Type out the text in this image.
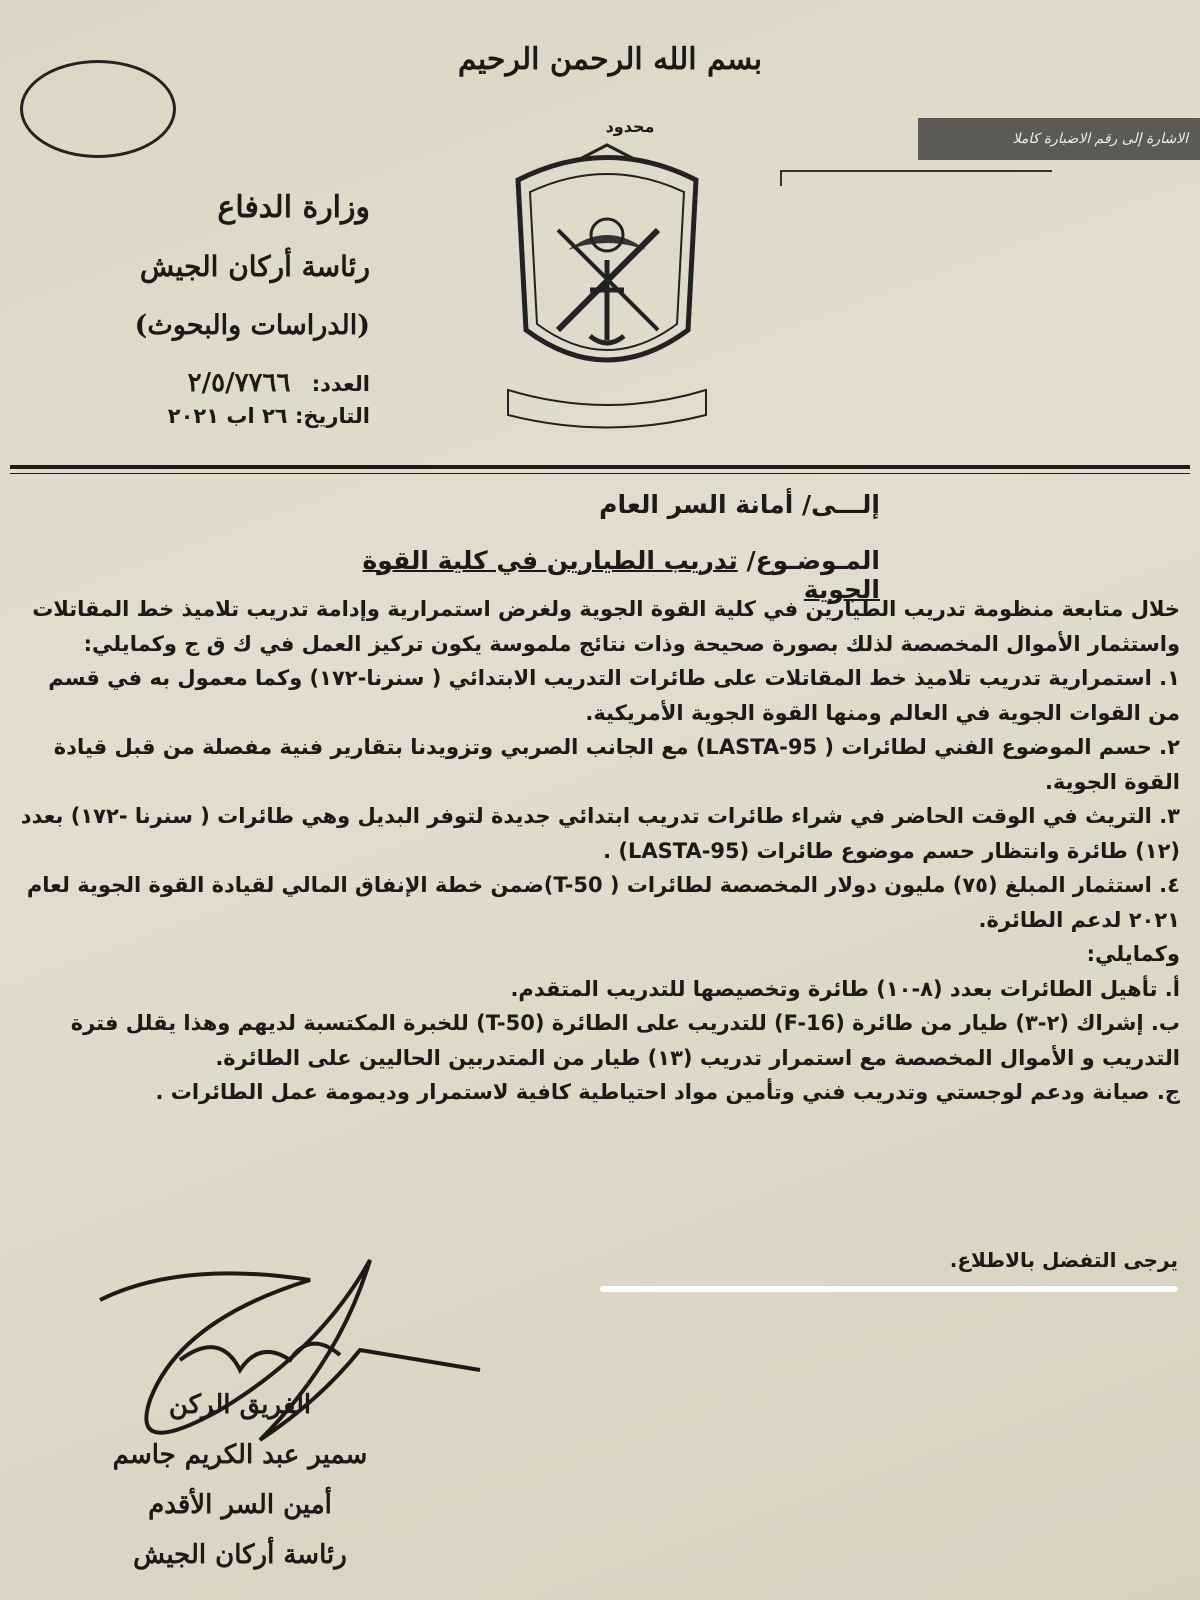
بسم الله الرحمن الرحيم
محدود
الاشارة إلى رقم الاضبارة كاملا
وزارة الدفاع
رئاسة أركان الجيش
(الدراسات والبحوث)
العدد: ٢/٥/٧٧٦٦
التاريخ: ٢٦ اب ٢٠٢١
إلـــى/ أمانة السر العام
المـوضـوع/ تدريب الطيارين في كلية القوة الجوية

خلال متابعة منظومة تدريب الطيارين في كلية القوة الجوية ولغرض استمرارية وإدامة تدريب تلاميذ خط المقاتلات واستثمار الأموال المخصصة لذلك بصورة صحيحة وذات نتائج ملموسة يكون تركيز العمل في ك ق ج وكمايلي:

١. استمرارية تدريب تلاميذ خط المقاتلات على طائرات التدريب الابتدائي ( سنرنا-١٧٢) وكما معمول به في قسم من القوات الجوية في العالم ومنها القوة الجوية الأمريكية.

٢. حسم الموضوع الفني لطائرات ( LASTA-95) مع الجانب الصربي وتزويدنا بتقارير فنية مفصلة من قبل قيادة القوة الجوية.

٣. التريث في الوقت الحاضر في شراء طائرات تدريب ابتدائي جديدة لتوفر البديل وهي طائرات ( سنرنا -١٧٢) بعدد (١٢) طائرة وانتظار حسم موضوع طائرات (LASTA-95) .

٤. استثمار المبلغ (٧٥) مليون دولار المخصصة لطائرات ( T-50)ضمن خطة الإنفاق المالي لقيادة القوة الجوية لعام ٢٠٢١ لدعم الطائرة.

وكمايلي:

أ. تأهيل الطائرات بعدد (٨-١٠) طائرة وتخصيصها للتدريب المتقدم.

ب. إشراك (٢-٣) طيار من طائرة (F-16) للتدريب على الطائرة (T-50) للخبرة المكتسبة لديهم وهذا يقلل فترة التدريب و الأموال المخصصة مع استمرار تدريب (١٣) طيار من المتدربين الحاليين على الطائرة.

ج. صيانة ودعم لوجستي وتدريب فني وتأمين مواد احتياطية كافية لاستمرار وديمومة عمل الطائرات .

يرجى التفضل بالاطلاع.
الفريق الركن
سمير عبد الكريم جاسم
أمين السر الأقدم
رئاسة أركان الجيش
